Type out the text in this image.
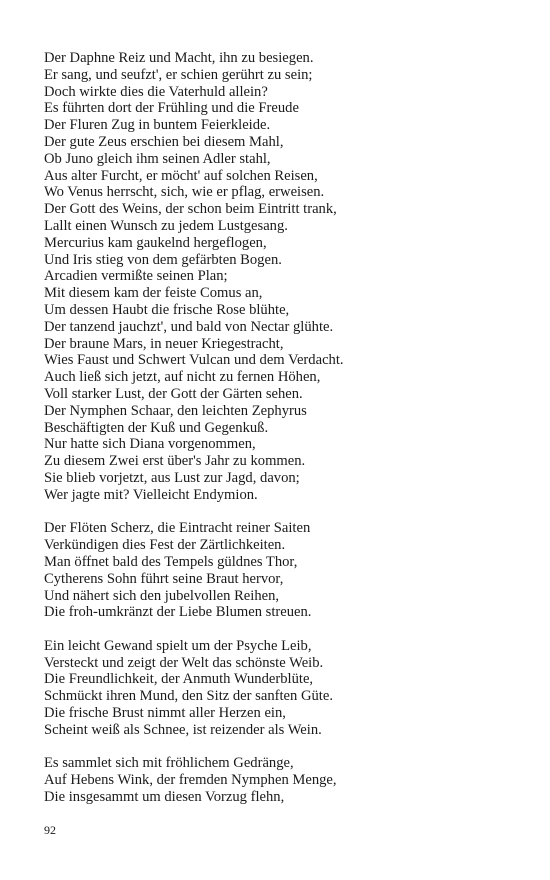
Der Daphne Reiz und Macht, ihn zu besiegen.
Er sang, und seufzt', er schien gerührt zu sein;
Doch wirkte dies die Vaterhuld allein?
Es führten dort der Frühling und die Freude
Der Fluren Zug in buntem Feierkleide.
Der gute Zeus erschien bei diesem Mahl,
Ob Juno gleich ihm seinen Adler stahl,
Aus alter Furcht, er möcht' auf solchen Reisen,
Wo Venus herrscht, sich, wie er pflag, erweisen.
Der Gott des Weins, der schon beim Eintritt trank,
Lallt einen Wunsch zu jedem Lustgesang.
Mercurius kam gaukelnd hergeflogen,
Und Iris stieg von dem gefärbten Bogen.
Arcadien vermißte seinen Plan;
Mit diesem kam der feiste Comus an,
Um dessen Haubt die frische Rose blühte,
Der tanzend jauchzt', und bald von Nectar glühte.
Der braune Mars, in neuer Kriegestracht,
Wies Faust und Schwert Vulcan und dem Verdacht.
Auch ließ sich jetzt, auf nicht zu fernen Höhen,
Voll starker Lust, der Gott der Gärten sehen.
Der Nymphen Schaar, den leichten Zephyrus
Beschäftigten der Kuß und Gegenkuß.
Nur hatte sich Diana vorgenommen,
Zu diesem Zwei erst über's Jahr zu kommen.
Sie blieb vorjetzt, aus Lust zur Jagd, davon;
Wer jagte mit? Vielleicht Endymion.
Der Flöten Scherz, die Eintracht reiner Saiten
Verkündigen dies Fest der Zärtlichkeiten.
Man öffnet bald des Tempels güldnes Thor,
Cytherens Sohn führt seine Braut hervor,
Und nähert sich den jubelvollen Reihen,
Die froh-umkränzt der Liebe Blumen streuen.
Ein leicht Gewand spielt um der Psyche Leib,
Versteckt und zeigt der Welt das schönste Weib.
Die Freundlichkeit, der Anmuth Wunderblüte,
Schmückt ihren Mund, den Sitz der sanften Güte.
Die frische Brust nimmt aller Herzen ein,
Scheint weiß als Schnee, ist reizender als Wein.
Es sammlet sich mit fröhlichem Gedränge,
Auf Hebens Wink, der fremden Nymphen Menge,
Die insgesammt um diesen Vorzug flehn,
92
